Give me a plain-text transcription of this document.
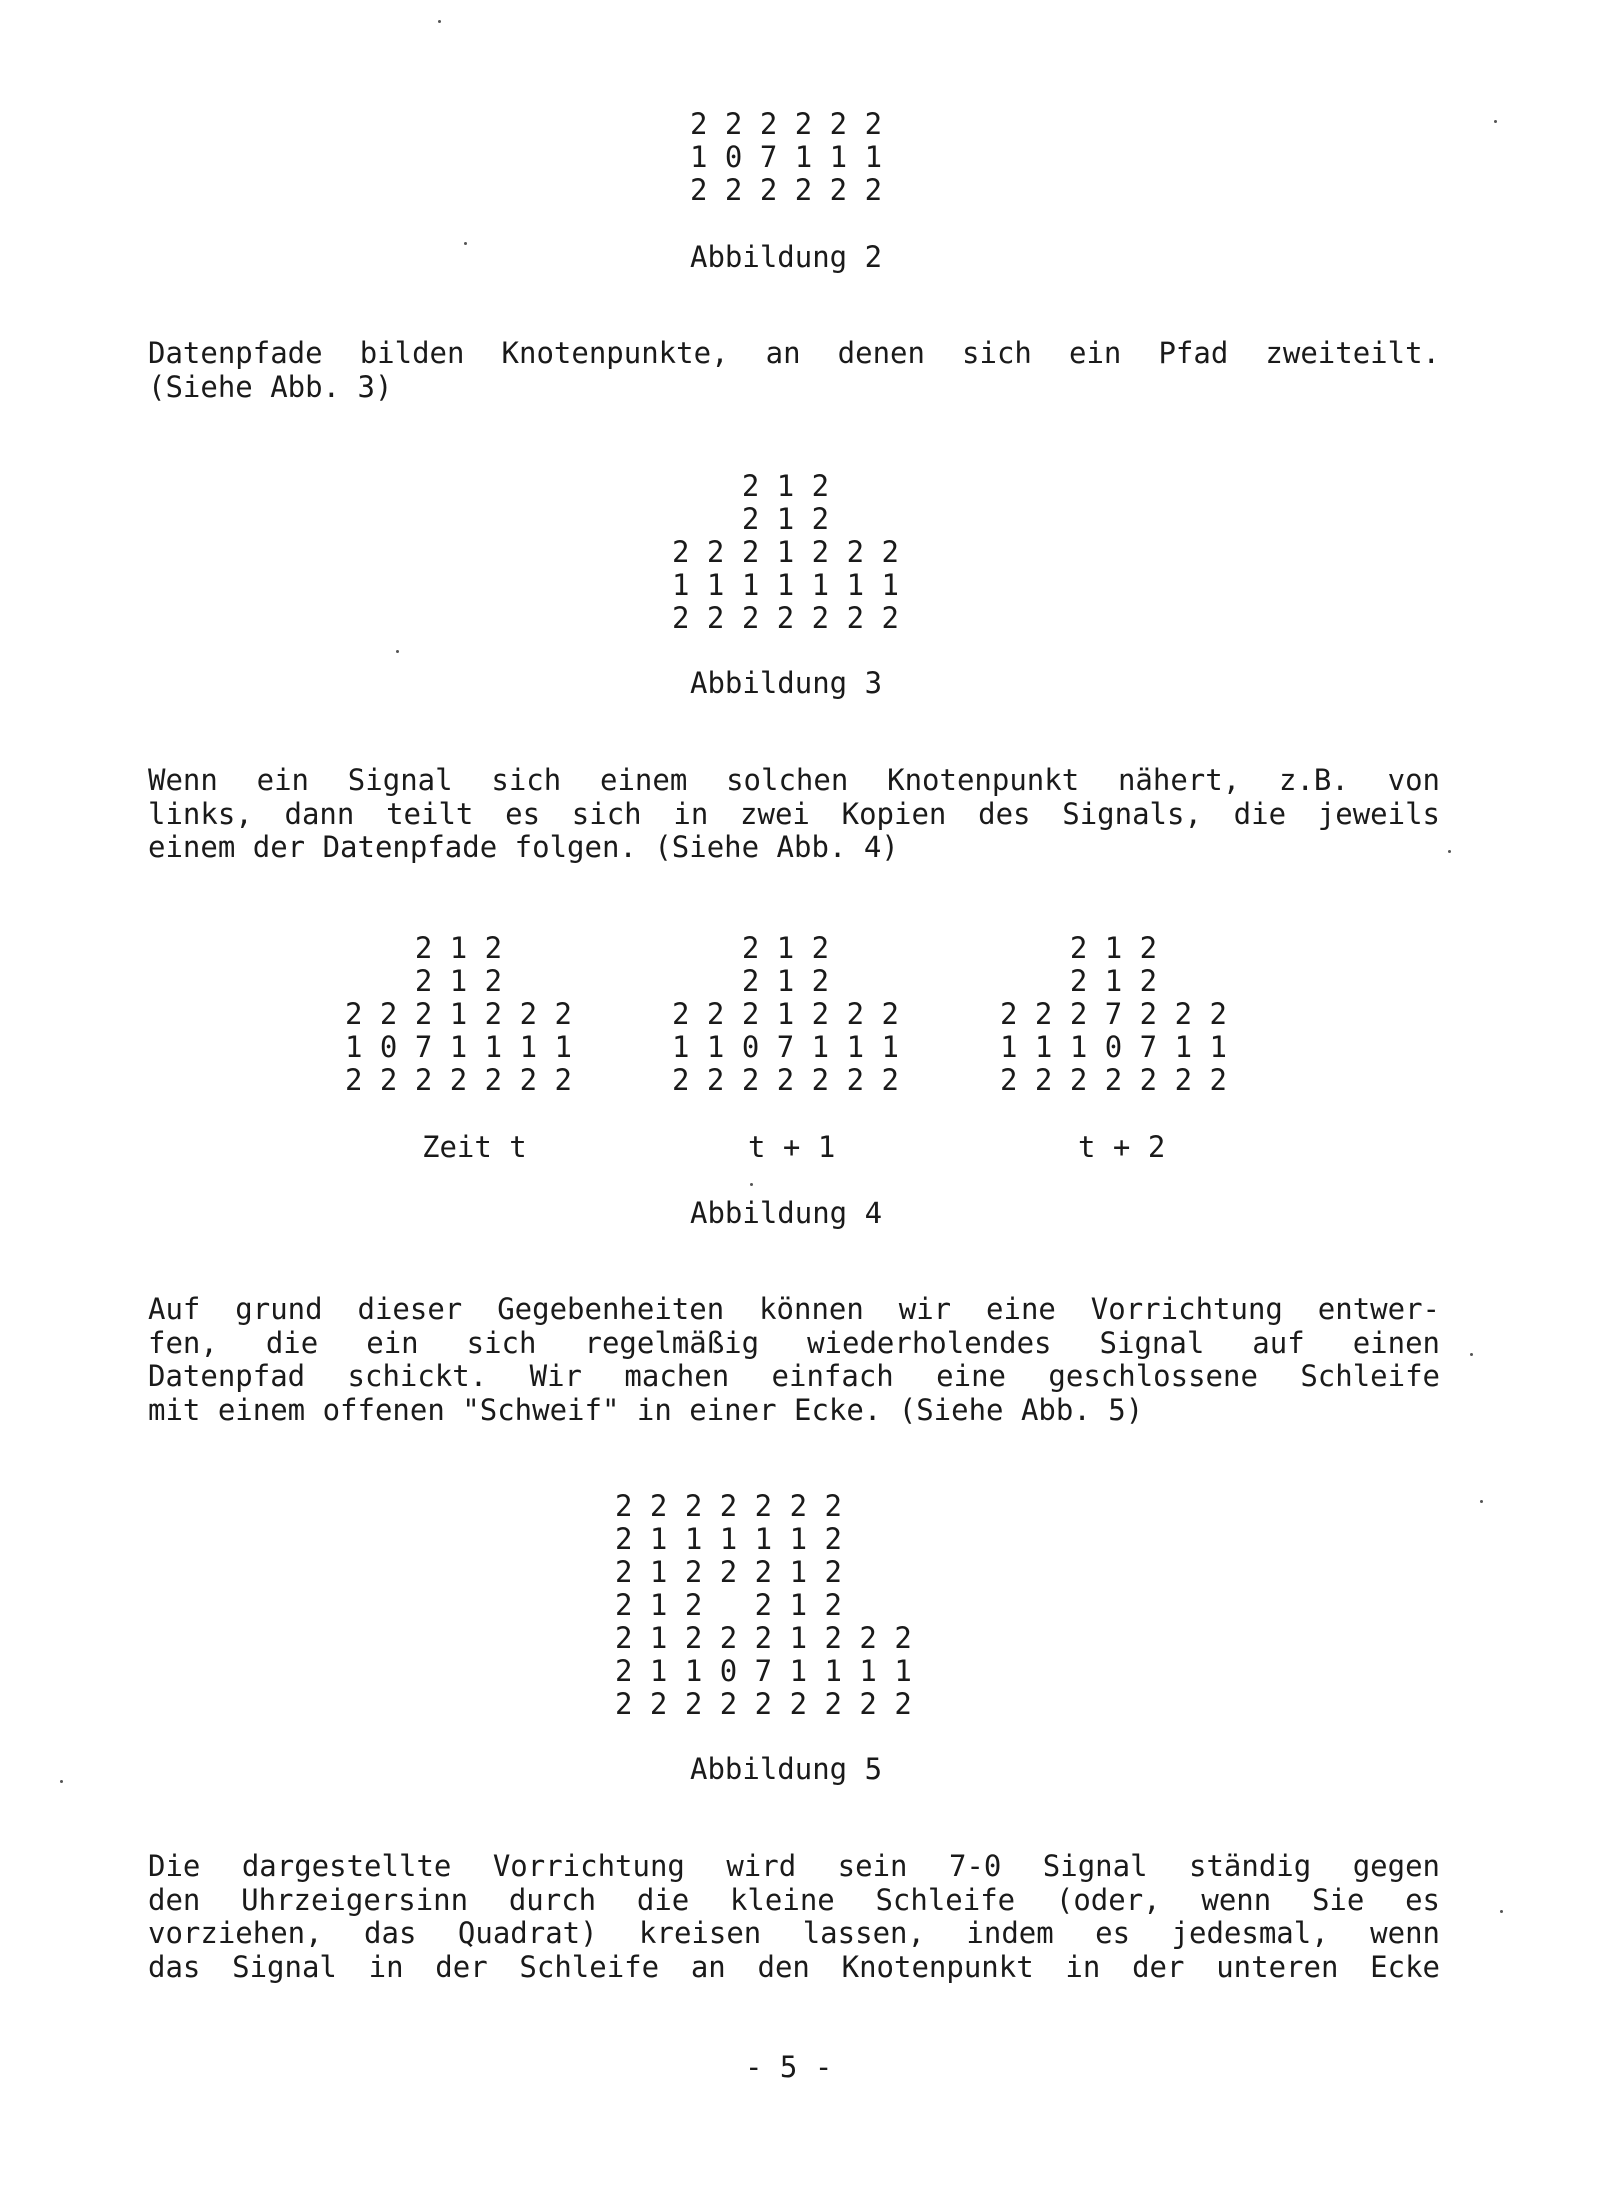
2 2 2 2 2 2
1 0 7 1 1 1
2 2 2 2 2 2
Abbildung 2
Datenpfade bilden Knotenpunkte, an denen sich ein Pfad zweiteilt.
(Siehe Abb. 3)
2 1 2
2 1 2
2 2 2 1 2 2 2
1 1 1 1 1 1 1
2 2 2 2 2 2 2
Abbildung 3
Wenn ein Signal sich einem solchen Knotenpunkt nähert, z.B. von
links, dann teilt es sich in zwei Kopien des Signals, die jeweils
einem der Datenpfade folgen. (Siehe Abb. 4)
2 1 2
2 1 2
2 2 2 1 2 2 2
1 0 7 1 1 1 1
2 2 2 2 2 2 2
2 1 2
2 1 2
2 2 2 1 2 2 2
1 1 0 7 1 1 1
2 2 2 2 2 2 2
2 1 2
2 1 2
2 2 2 7 2 2 2
1 1 1 0 7 1 1
2 2 2 2 2 2 2
Zeit t	t + 1	t + 2
Abbildung 4
Auf grund dieser Gegebenheiten können wir eine Vorrichtung entwer-
fen, die ein sich regelmäßig wiederholendes Signal auf einen
Datenpfad schickt. Wir machen einfach eine geschlossene Schleife
mit einem offenen "Schweif" in einer Ecke. (Siehe Abb. 5)
2 2 2 2 2 2 2
2 1 1 1 1 1 2
2 1 2 2 2 1 2
2 1 2   2 1 2
2 1 2 2 2 1 2 2 2
2 1 1 0 7 1 1 1 1
2 2 2 2 2 2 2 2 2
Abbildung 5
Die dargestellte Vorrichtung wird sein 7-0 Signal ständig gegen
den Uhrzeigersinn durch die kleine Schleife (oder, wenn Sie es
vorziehen, das Quadrat) kreisen lassen, indem es jedesmal, wenn
das Signal in der Schleife an den Knotenpunkt in der unteren Ecke
- 5 -
